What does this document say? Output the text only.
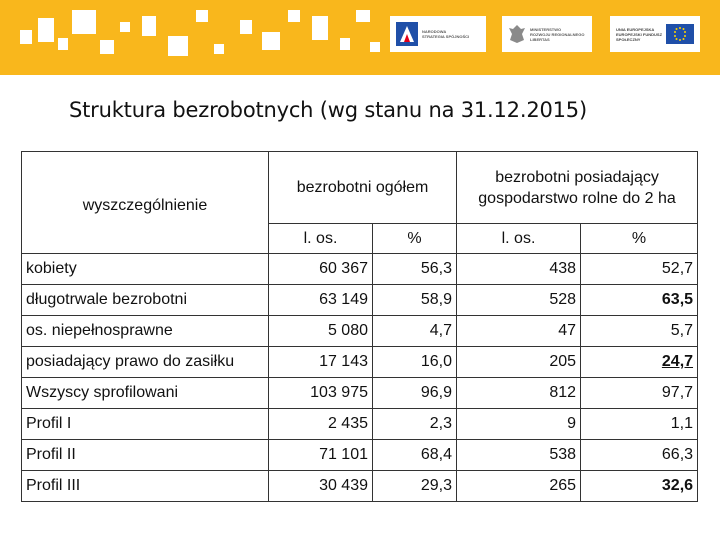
NARODOWA
STRATEGIA SPÓJNOŚCI
MINISTERSTWO
ROZWOJU REGIONALNEGO
LIBERTAS
UNIA EUROPEJSKA
EUROPEJSKI FUNDUSZ
SPOŁECZNY
Struktura bezrobotnych (wg stanu na 31.12.2015)
wyszczególnienie	bezrobotni ogółem		bezrobotni posiadający gospodarstwo rolne do 2 ha	
	l. os.	%	l. os.	%
kobiety	60 367	56,3	438	52,7
długotrwale bezrobotni	63 149	58,9	528	63,5
os. niepełnosprawne	5 080	4,7	47	5,7
posiadający prawo do zasiłku	17 143	16,0	205	24,7
Wszyscy sprofilowani	103 975	96,9	812	97,7
Profil I	2 435	2,3	9	1,1
Profil II	71 101	68,4	538	66,3
Profil III	30 439	29,3	265	32,6
